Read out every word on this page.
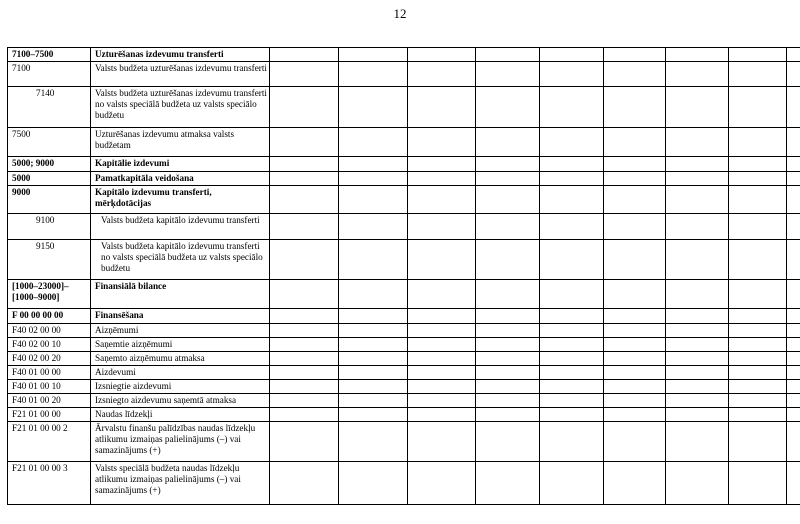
12
7100–7500	Uzturēšanas izdevumu transferti									
7100	Valsts budžeta uzturēšanas izdevumu transferti									
7140	Valsts budžeta uzturēšanas izdevumu transferti no valsts speciālā budžeta uz valsts speciālo budžetu									
7500	Uzturēšanas izdevumu atmaksa valsts budžetam									
5000; 9000	Kapitālie izdevumi									
5000	Pamatkapitāla veidošana									
9000	Kapitālo izdevumu transferti, mērķdotācijas									
9100	Valsts budžeta kapitālo izdevumu transferti									
9150	Valsts budžeta kapitālo izdevumu transferti no valsts speciālā budžeta uz valsts speciālo budžetu									
[1000–23000]–[1000–9000]	Finansiālā bilance									
F 00 00 00 00	Finansēšana									
F40 02 00 00	Aizņēmumi									
F40 02 00 10	Saņemtie aizņēmumi									
F40 02 00 20	Saņemto aizņēmumu atmaksa									
F40 01 00 00	Aizdevumi									
F40 01 00 10	Izsniegtie aizdevumi									
F40 01 00 20	Izsniegto aizdevumu saņemtā atmaksa									
F21 01 00 00	Naudas līdzekļi									
F21 01 00 00 2	Ārvalstu finanšu palīdzības naudas līdzekļu atlikumu izmaiņas palielinājums (–) vai samazinājums (+)									
F21 01 00 00 3	Valsts speciālā budžeta naudas līdzekļu atlikumu izmaiņas palielinājums (–) vai samazinājums (+)									
